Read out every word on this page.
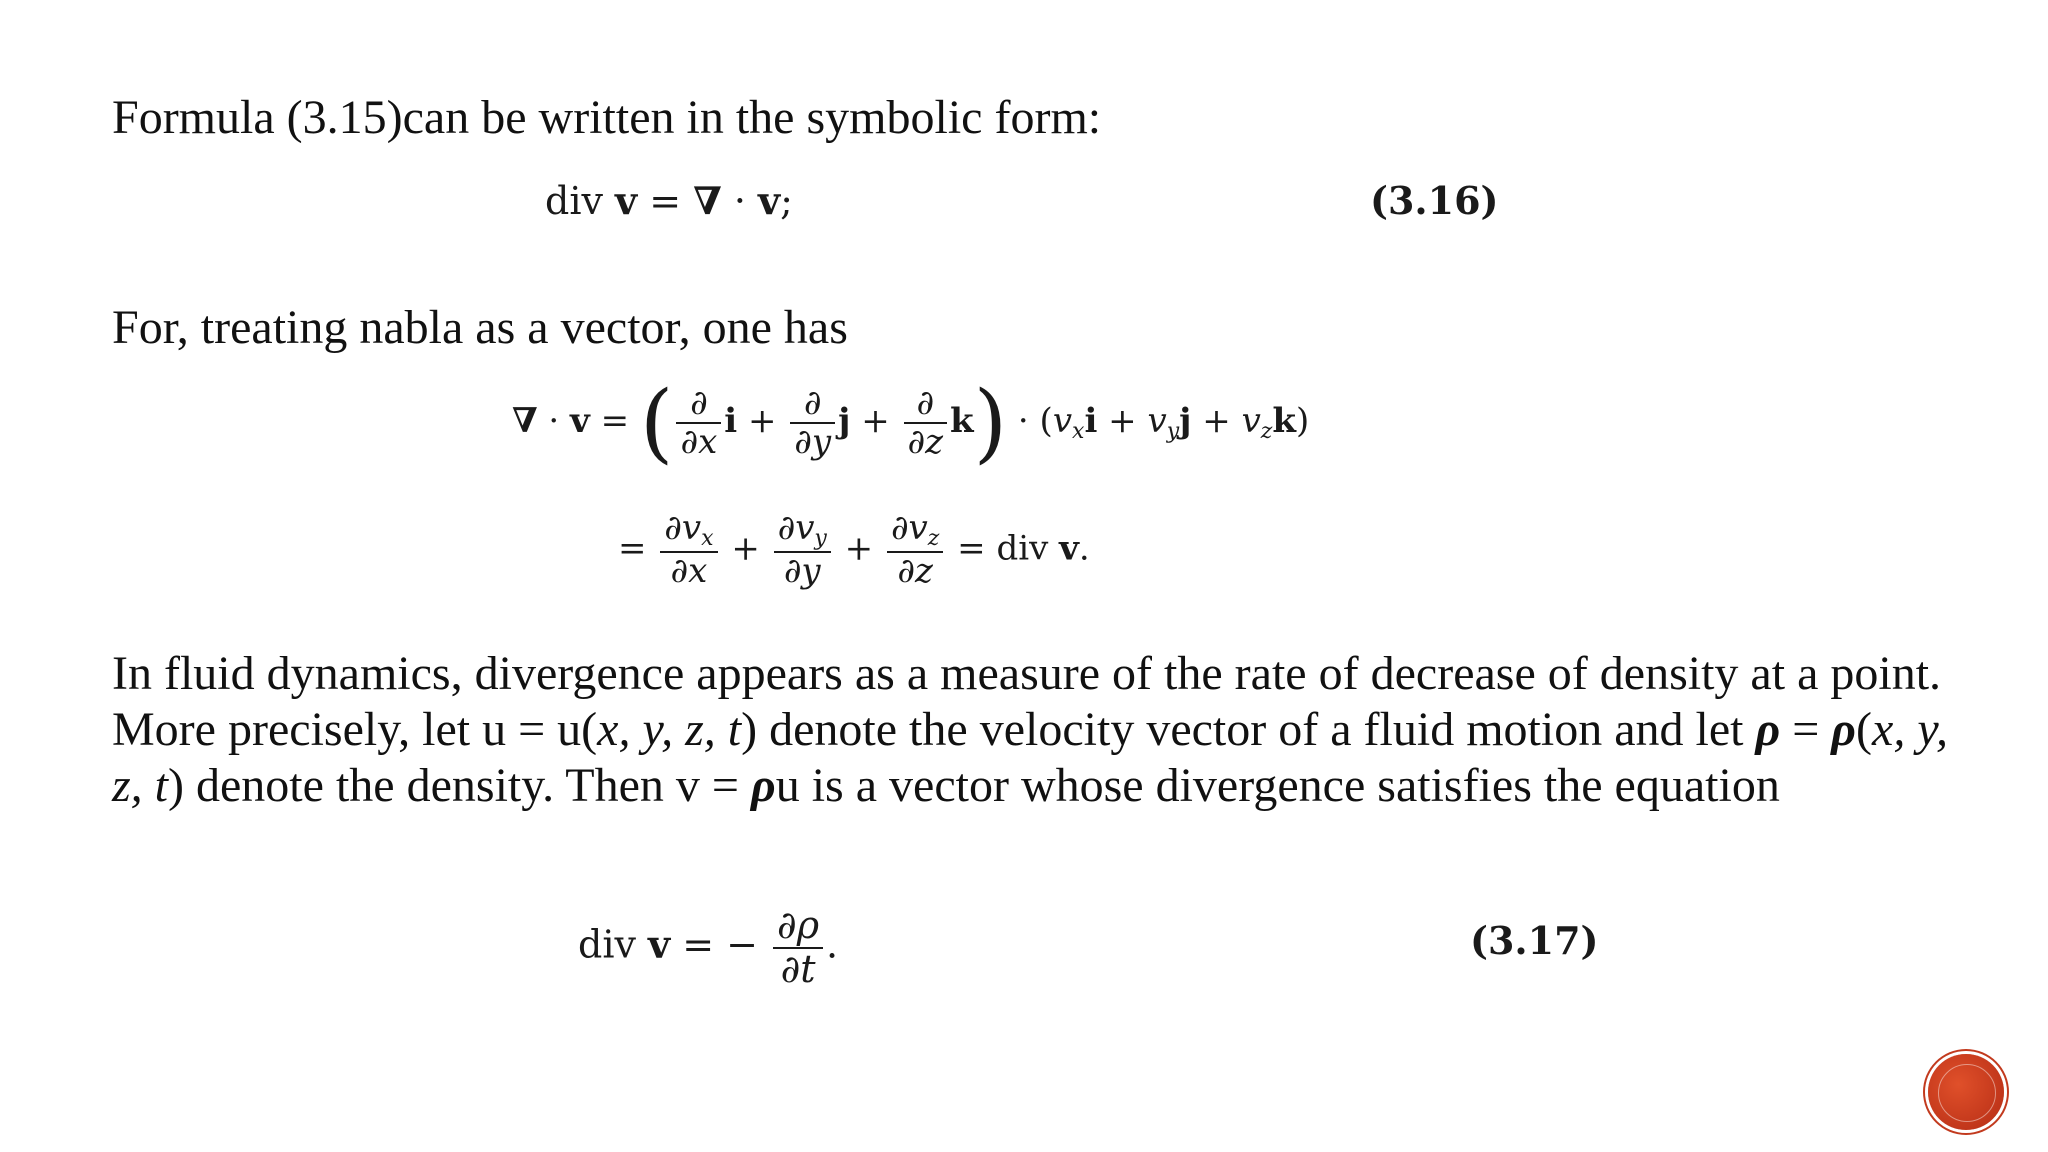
Formula (3.15)can be written in the symbolic form:

div v = ∇ · v;	(3.16)

For, treating nabla as a vector, one has

∇ · v = ( $\frac{\partial}{\partial x}$ $i + \frac{\partial}{\partial y}$ $j + \frac{\partial}{\partial z} k) \cdot (v_xi + v_yj + v_zk)$
= $\frac{\partial v_x}{\partial x} + \frac{\partial v_y}{\partial y} + \frac{\partial v_z}{\partial z}$ = div v.

In fluid dynamics, divergence appears as a measure of the rate of decrease of density at a point. More precisely, let u = u(x, y, z, t) denote the velocity vector of a fluid motion and let ρ = ρ(x, y, z, t) denote the density. Then v = ρu is a vector whose divergence satisfies the equation

div v = − $\frac{\partial\rho}{\partial t}$ .	(3.17)
